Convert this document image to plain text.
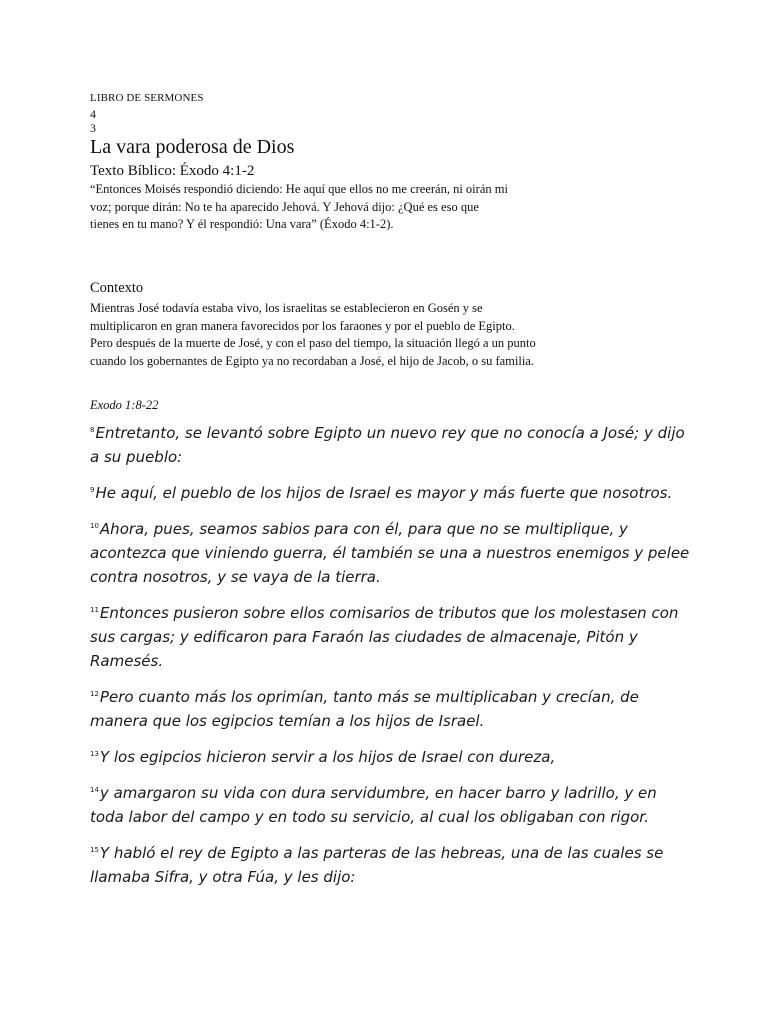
LIBRO DE SERMONES
4
3
La vara poderosa de Dios
Texto Bíblico: Éxodo 4:1-2
“Entonces Moisés respondió diciendo: He aquí que ellos no me creerán, ni oirán mi voz; porque dirán: No te ha aparecido Jehová. Y Jehová dijo: ¿Qué es eso que tienes en tu mano? Y él respondió: Una vara” (Éxodo 4:1-2).
Contexto
Mientras José todavía estaba vivo, los israelitas se establecieron en Gosén y se multiplicaron en gran manera favorecidos por los faraones y por el pueblo de Egipto. Pero después de la muerte de José, y con el paso del tiempo, la situación llegó a un punto cuando los gobernantes de Egipto ya no recordaban a José, el hijo de Jacob, o su familia.
Exodo 1:8-22

$^8$Entretanto, se levantó sobre Egipto un nuevo rey que no conocía a José; y dijo a su pueblo:

$^9$He aquí, el pueblo de los hijos de Israel es mayor y más fuerte que nosotros.

$^{10}$Ahora, pues, seamos sabios para con él, para que no se multiplique, y acontezca que viniendo guerra, él también se una a nuestros enemigos y pelee contra nosotros, y se vaya de la tierra.

$^{11}$Entonces pusieron sobre ellos comisarios de tributos que los molestasen con sus cargas; y edificaron para Faraón las ciudades de almacenaje, Pitón y Ramesés.

$^{12}$Pero cuanto más los oprimían, tanto más se multiplicaban y crecían, de manera que los egipcios temían a los hijos de Israel.

$^{13}$Y los egipcios hicieron servir a los hijos de Israel con dureza,

$^{14}$y amargaron su vida con dura servidumbre, en hacer barro y ladrillo, y en toda labor del campo y en todo su servicio, al cual los obligaban con rigor.

$^{15}$Y habló el rey de Egipto a las parteras de las hebreas, una de las cuales se llamaba Sifra, y otra Fúa, y les dijo:
